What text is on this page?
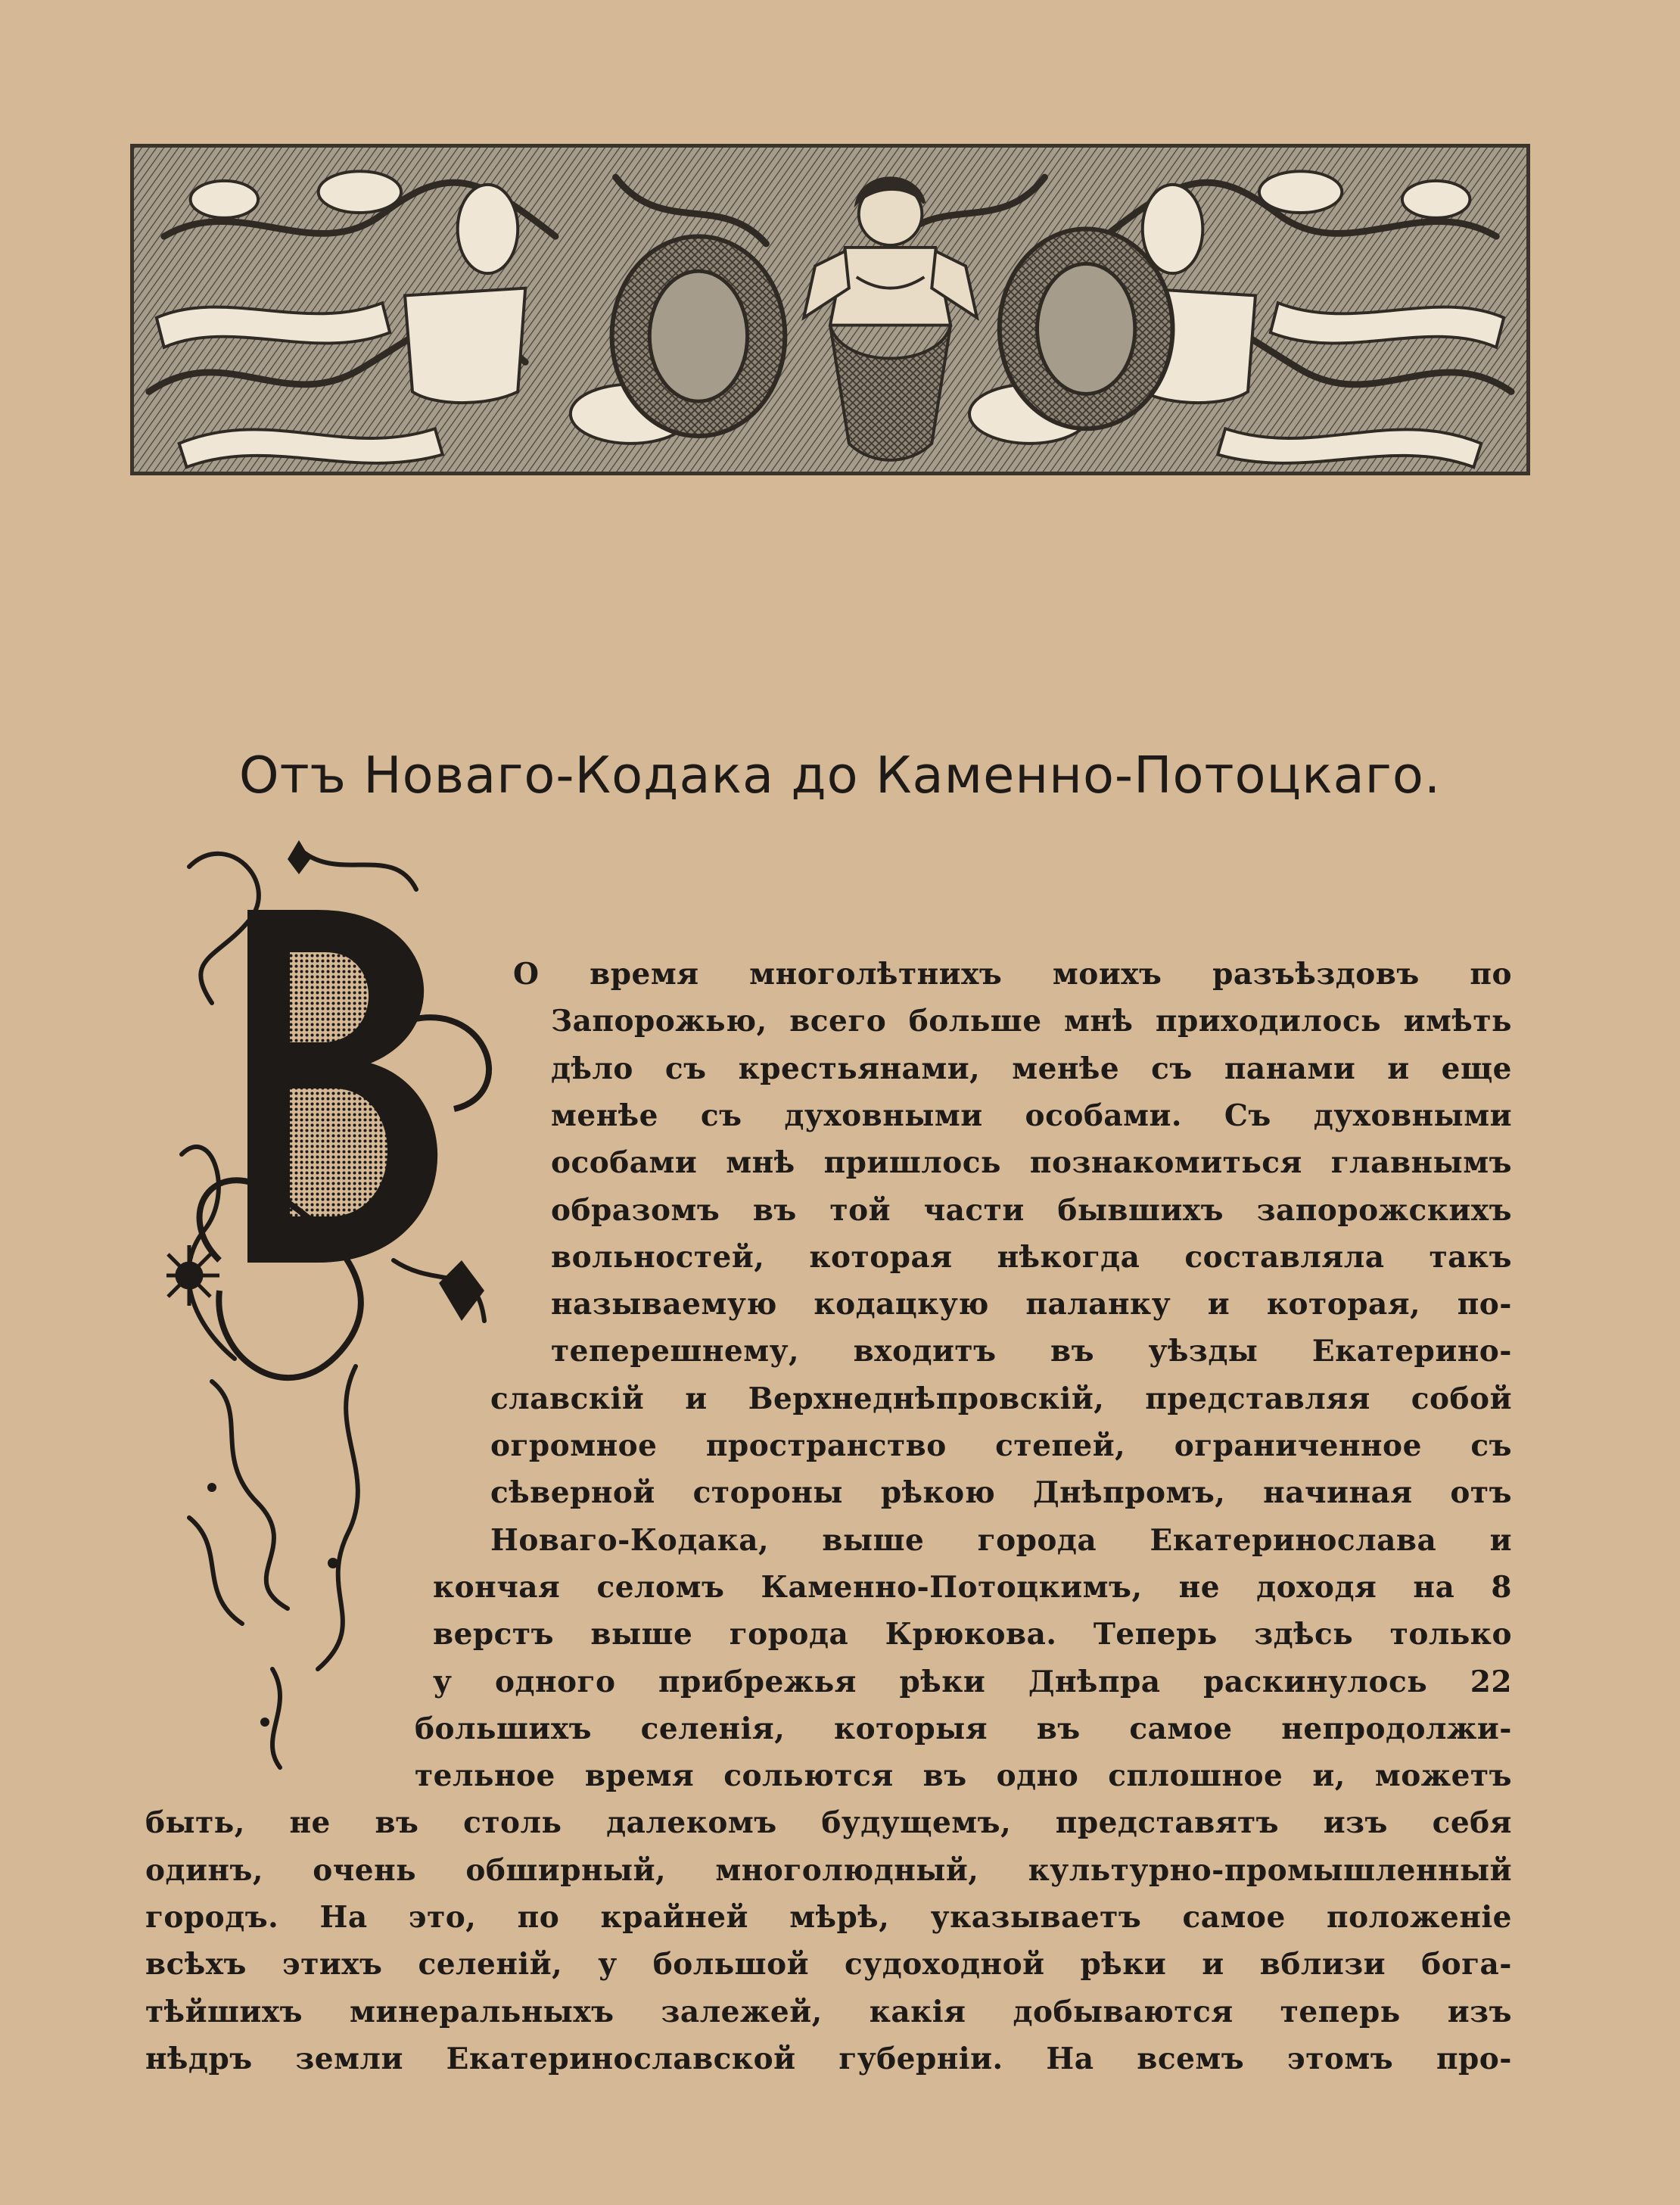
Отъ Новаго-Кодака до Каменно-Потоцкаго.
О время многолѣтнихъ моихъ разъѣздовъ по
Запорожью, всего больше мнѣ приходилось имѣть
дѣло съ крестьянами, менѣе съ панами и еще
менѣе съ духовными особами. Съ духовными
особами мнѣ пришлось познакомиться главнымъ
образомъ въ той части бывшихъ запорожскихъ
вольностей, которая нѣкогда составляла такъ
называемую кодацкую паланку и которая, по-
теперешнему, входитъ въ уѣзды Екатерино-
славскій и Верхнеднѣпровскій, представляя собой
огромное пространство степей, ограниченное съ
сѣверной стороны рѣкою Днѣпромъ, начиная отъ
Новаго-Кодака, выше города Екатеринослава и
кончая селомъ Каменно-Потоцкимъ, не доходя на 8
верстъ выше города Крюкова. Теперь здѣсь только
у одного прибрежья рѣки Днѣпра раскинулось 22
большихъ селенія, которыя въ самое непродолжи-
тельное время сольются въ одно сплошное и, можетъ
быть, не въ столь далекомъ будущемъ, представятъ изъ себя
одинъ, очень обширный, многолюдный, культурно-промышленный
городъ. На это, по крайней мѣрѣ, указываетъ самое положеніе
всѣхъ этихъ селеній, у большой судоходной рѣки и вблизи бога-
тѣйшихъ минеральныхъ залежей, какія добываются теперь изъ
нѣдръ земли Екатеринославской губерніи. На всемъ этомъ про-
